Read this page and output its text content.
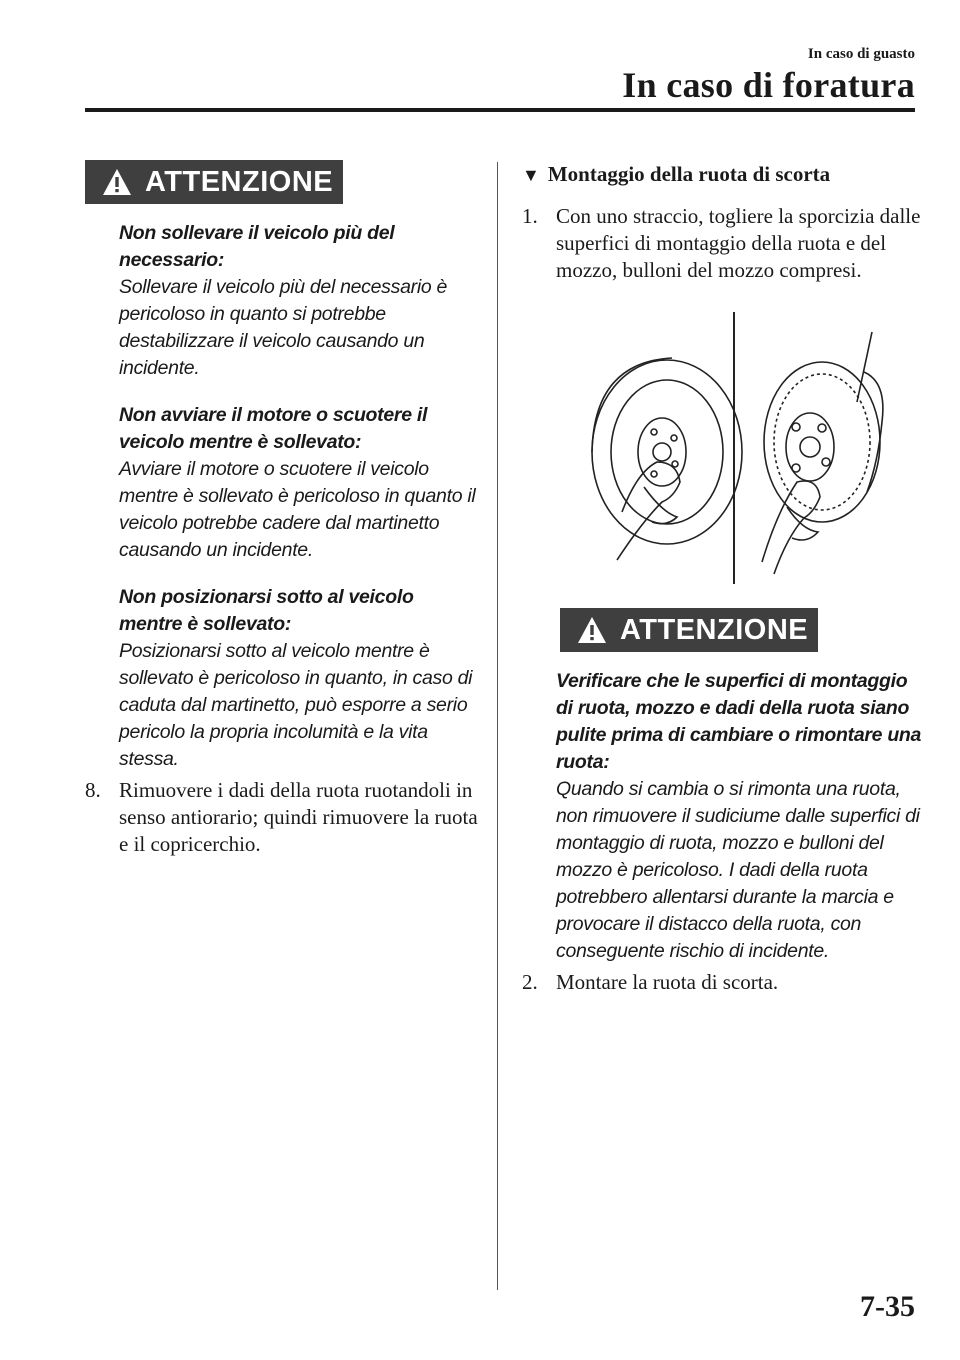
In caso di guasto
In caso di foratura
ATTENZIONE
Non sollevare il veicolo più del necessario:
Sollevare il veicolo più del necessario è pericoloso in quanto si potrebbe destabilizzare il veicolo causando un incidente.
Non avviare il motore o scuotere il veicolo mentre è sollevato:
Avviare il motore o scuotere il veicolo mentre è sollevato è pericoloso in quanto il veicolo potrebbe cadere dal martinetto causando un incidente.
Non posizionarsi sotto al veicolo mentre è sollevato:
Posizionarsi sotto al veicolo mentre è sollevato è pericoloso in quanto, in caso di caduta dal martinetto, può esporre a serio pericolo la propria incolumità e la vita stessa.
8. Rimuovere i dadi della ruota ruotandoli in senso antiorario; quindi rimuovere la ruota e il copricerchio.
▼ Montaggio della ruota di scorta
1. Con uno straccio, togliere la sporcizia dalle superfici di montaggio della ruota e del mozzo, bulloni del mozzo compresi.
ATTENZIONE
Verificare che le superfici di montaggio di ruota, mozzo e dadi della ruota siano pulite prima di cambiare o rimontare una ruota:
Quando si cambia o si rimonta una ruota, non rimuovere il sudiciume dalle superfici di montaggio di ruota, mozzo e bulloni del mozzo è pericoloso. I dadi della ruota potrebbero allentarsi durante la marcia e provocare il distacco della ruota, con conseguente rischio di incidente.
2. Montare la ruota di scorta.
7-35
